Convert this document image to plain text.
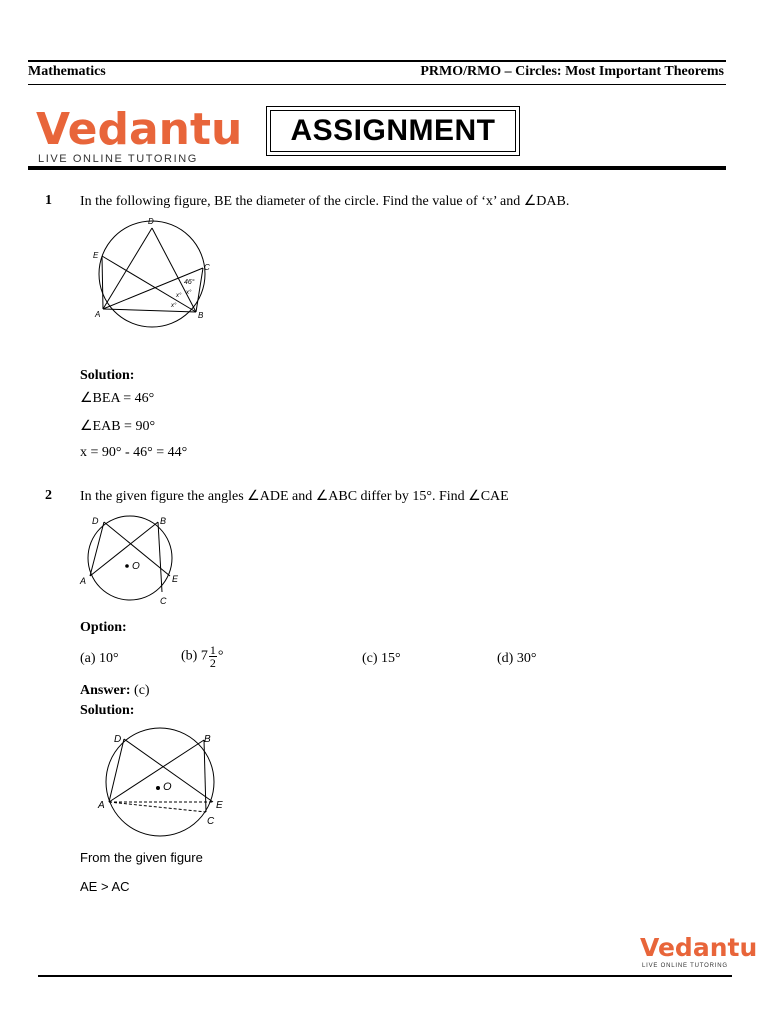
Mathematics	PRMO/RMO – Circles: Most Important Theorems
Vedantu
LIVE ONLINE TUTORING
ASSIGNMENT
1 In the following figure, BE the diameter of the circle. Find the value of ‘x’ and ∠DAB.
D
E
C
A	B
46°
x° x°
x°
Solution:
∠BEA = 46°
∠EAB = 90°
x = 90° - 46° = 44°
2 In the given figure the angles ∠ADE and ∠ABC differ by 15°. Find ∠CAE
D	B
A
O
E
C
Option:
(a) 10°	(b) $7 \frac{1}{2}$ °	(c) 15°	(d) 30°
Answer: (c)
Solution:
D	B
A
O
E
C
From the given figure
AE > AC
Vedantu
LIVE ONLINE TUTORING
